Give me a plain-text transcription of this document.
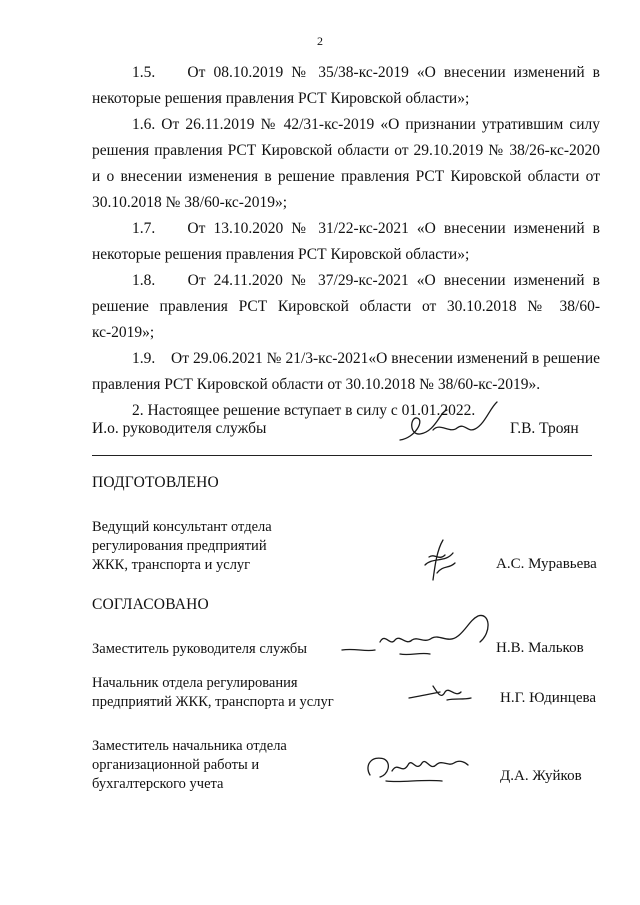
2

1.5.    От 08.10.2019 № 35/38-кс-2019 «О внесении изменений в некоторые решения правления РСТ Кировской области»;

1.6. От 26.11.2019 № 42/31-кс-2019 «О признании утратившим силу решения правления РСТ Кировской области от 29.10.2019 № 38/26-кс-2020 и о внесении изменения в решение правления РСТ Кировской области от 30.10.2018 № 38/60-кс-2019»;

1.7.    От 13.10.2020 № 31/22-кс-2021 «О внесении изменений в некоторые решения правления РСТ Кировской области»;

1.8.    От 24.11.2020 № 37/29-кс-2021 «О внесении изменений в решение правления РСТ Кировской области от 30.10.2018 № 38/60-кс-2019»;

1.9.    От 29.06.2021 № 21/3-кс-2021«О внесении изменений в решение правления РСТ Кировской области от 30.10.2018 № 38/60-кс-2019».

2. Настоящее решение вступает в силу с 01.01.2022.

И.о. руководителя службы	Г.В. Троян
ПОДГОТОВЛЕНО
Ведущий консультант отдела
регулирования предприятий
ЖКК, транспорта и услуг	А.С. Муравьева
СОГЛАСОВАНО
Заместитель руководителя службы	Н.В. Мальков
Начальник отдела регулирования
предприятий ЖКК, транспорта и услуг	Н.Г. Юдинцева
Заместитель начальника отдела
организационной работы и
бухгалтерского учета	Д.А. Жуйков
